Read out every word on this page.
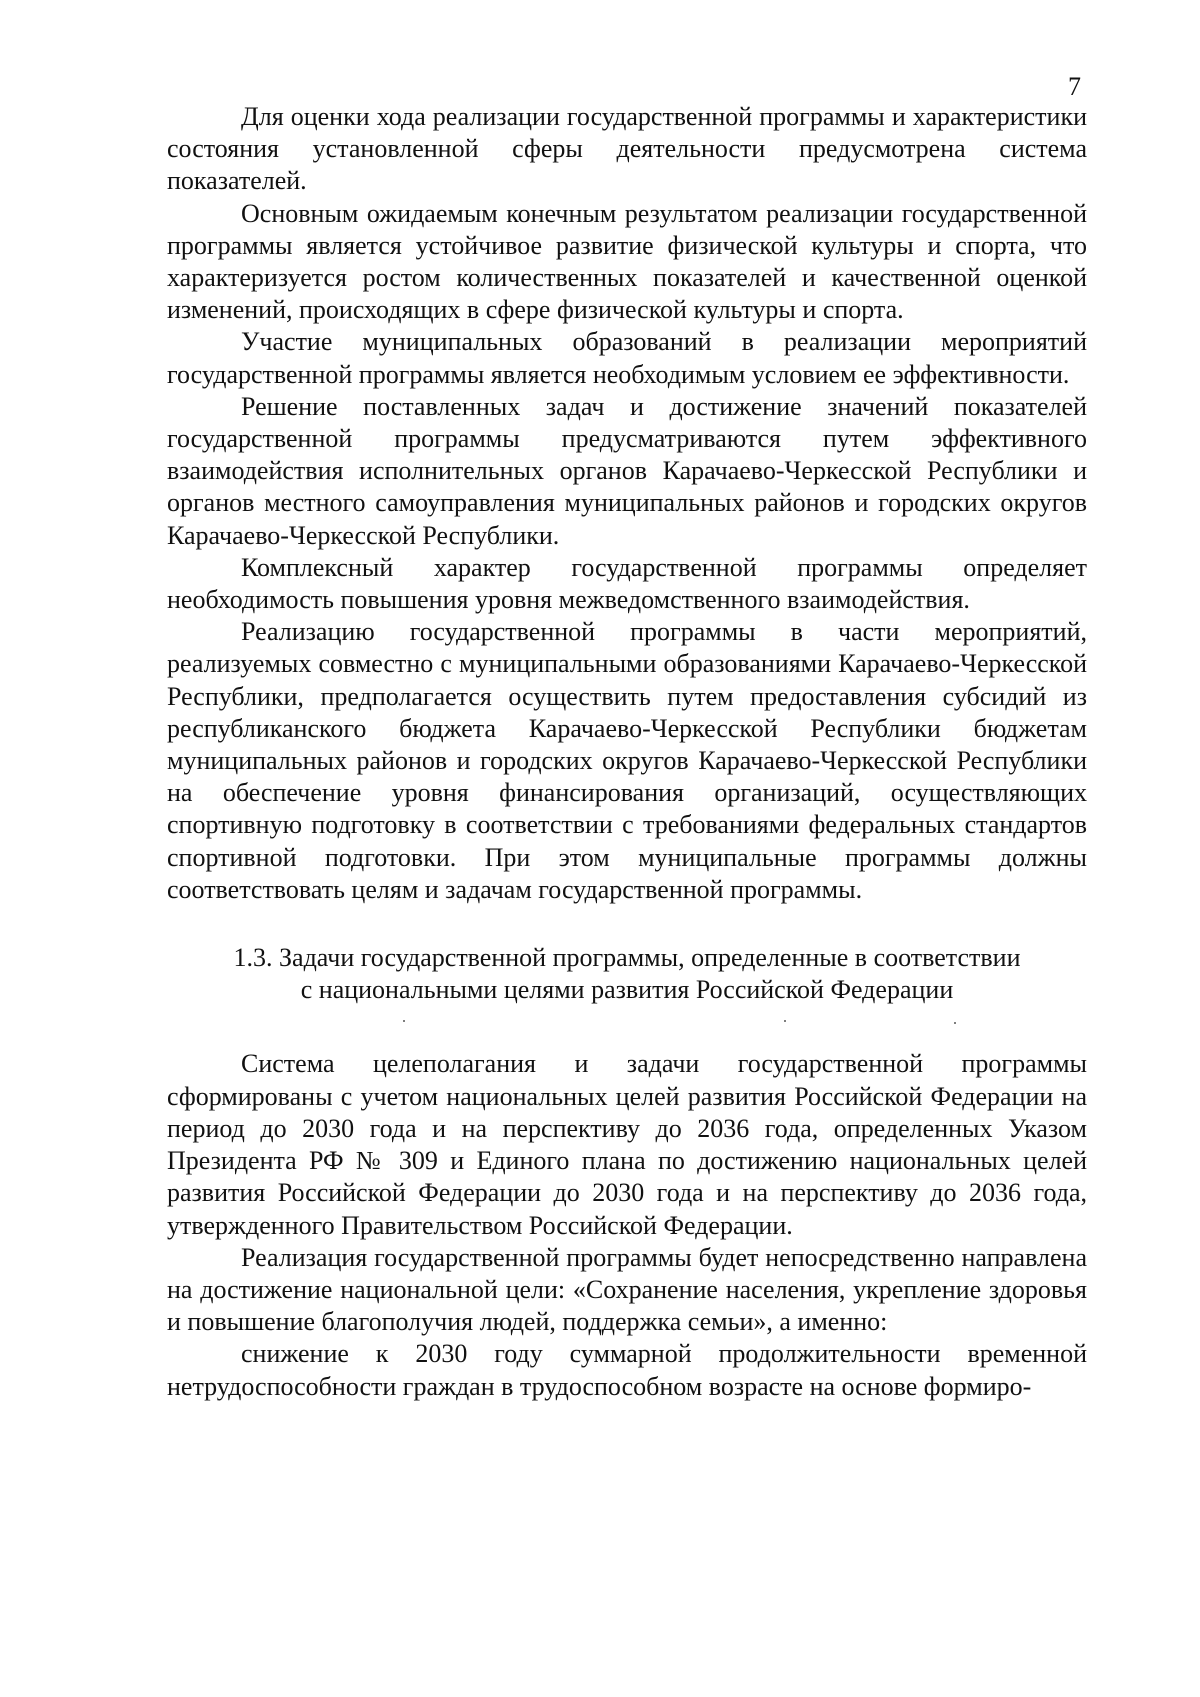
7

Для оценки хода реализации государственной программы и характеристики состояния установленной сферы деятельности предусмотрена система показателей.

Основным ожидаемым конечным результатом реализации государственной программы является устойчивое развитие физической культуры и спорта, что характеризуется ростом количественных показателей и качественной оценкой изменений, происходящих в сфере физической культуры и спорта.

Участие муниципальных образований в реализации мероприятий государственной программы является необходимым условием ее эффективности.

Решение поставленных задач и достижение значений показателей государственной программы предусматриваются путем эффективного взаимодействия исполнительных органов Карачаево-Черкесской Республики и органов местного самоуправления муниципальных районов и городских округов Карачаево-Черкесской Республики.

Комплексный характер государственной программы определяет необходимость повышения уровня межведомственного взаимодействия.

Реализацию государственной программы в части мероприятий, реализуемых совместно с муниципальными образованиями Карачаево-Черкесской Республики, предполагается осуществить путем предоставления субсидий из республиканского бюджета Карачаево-Черкесской Республики бюджетам муниципальных районов и городских округов Карачаево-Черкесской Республики на обеспечение уровня финансирования организаций, осуществляющих спортивную подготовку в соответствии с требованиями федеральных стандартов спортивной подготовки. При этом муниципальные программы должны соответствовать целям и задачам государственной программы.

1.3. Задачи государственной программы, определенные в соответствии
с национальными целями развития Российской Федерации

Система целеполагания и задачи государственной программы сформированы с учетом национальных целей развития Российской Федерации на период до 2030 года и на перспективу до 2036 года, определенных Указом Президента РФ № 309 и Единого плана по достижению национальных целей развития Российской Федерации до 2030 года и на перспективу до 2036 года, утвержденного Правительством Российской Федерации.

Реализация государственной программы будет непосредственно направлена на достижение национальной цели: «Сохранение населения, укрепление здоровья и повышение благополучия людей, поддержка семьи», а именно:

снижение к 2030 году суммарной продолжительности временной нетрудоспособности граждан в трудоспособном возрасте на основе формиро-
